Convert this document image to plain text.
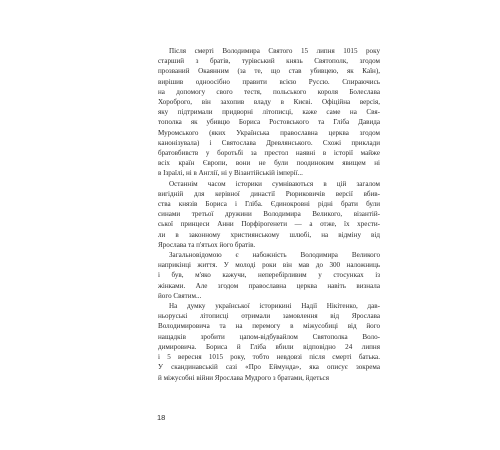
Після смерті Володимира Святого 15 липня 1015 року
старший з братів, турівський князь Святополк, згодом
прозваний Окаянним (за те, що став убивцею, як Каїн),
вирішив одноосібно правити всією Руссю. Спираючись
на допомогу свого тестя, польського короля Болеслава
Хороброго, він захопив владу в Києві. Офіційна версія,
яку підтримали придворні літописці, каже саме на Свя-
тополка як убивцю Бориса Ростовського та Гліба Давида
Муромського (яких Українська православна церква згодом
канонізувала) і Святослава Древлянського. Схожі приклади
братовбивств у боротьбі за престол наявні в історії майже
всіх країн Європи, вони не були поодиноким явищем ні
в Ізраїлі, ні в Англії, ні у Візантійській імперії...
Останнім часом історики сумніваються в цій загалом
вигідній для керівної династії Рюриковичів версії вбив-
ства князів Бориса і Гліба. Єдинокровні рідні брати були
синами третьої дружини Володимира Великого, візантій-
ської принцеси Анни Порфірогенети — а отже, їх хрести-
ли в законному християнському шлюбі, на відміну від
Ярослава та п'ятьох його братів.
Загальновідомою є набожність Володимира Великого
наприкінці життя. У молоді роки він мав до 300 наложниць
і був, м'яко кажучи, неперебірливим у стосунках із
жінками. Але згодом православна церква навіть визнала
його Святим...
На думку української історикині Надії Нікітенко, дав-
ньоруські літописці отримали замовлення від Ярослава
Володимировича та на перемогу в міжусобиці від його
нащадків зробити цапом-відбувайлом Святополка Воло-
димировича. Бориса й Гліба вбили відповідно 24 липня
і 5 вересня 1015 року, тобто невдовзі після смерті батька.
У скандинавській сазі «Про Еймунда», яка описує зокрема
й міжусобні війни Ярослава Мудрого з братами, йдеться
18
